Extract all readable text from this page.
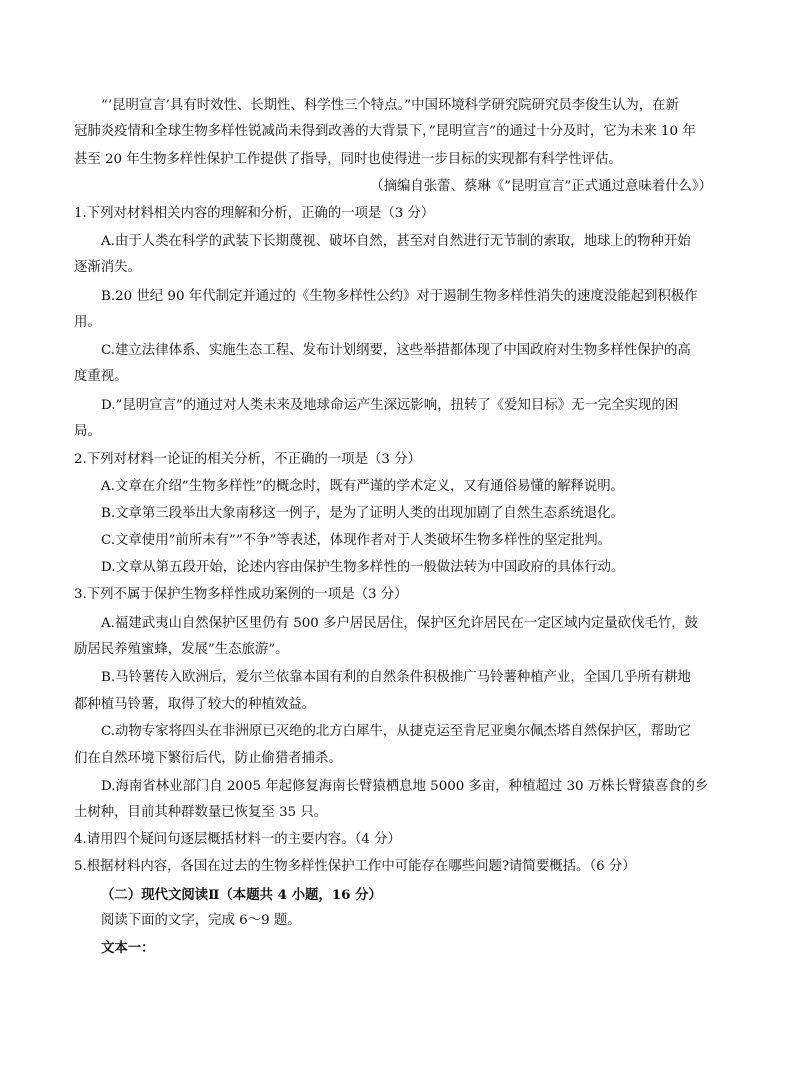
“’昆明宣言’具有时效性、长期性、科学性三个特点。”中国环境科学研究院研究员李俊生认为，在新
冠肺炎疫情和全球生物多样性锐减尚未得到改善的大背景下，”昆明宣言”的通过十分及时，它为未来 10 年
甚至 20 年生物多样性保护工作提供了指导，同时也使得进一步目标的实现都有科学性评估。
（摘编自张蕾、蔡琳《”昆明宣言”正式通过意味着什么》）
1.下列对材料相关内容的理解和分析，正确的一项是（3 分）
A.由于人类在科学的武装下长期蔑视、破坏自然，甚至对自然进行无节制的索取，地球上的物种开始
逐渐消失。
B.20 世纪 90 年代制定并通过的《生物多样性公约》对于遏制生物多样性消失的速度没能起到积极作
用。
C.建立法律体系、实施生态工程、发布计划纲要，这些举措都体现了中国政府对生物多样性保护的高
度重视。
D.”昆明宣言”的通过对人类未来及地球命运产生深远影响，扭转了《爱知目标》无一完全实现的困
局。
2.下列对材料一论证的相关分析，不正确的一项是（3 分）
A.文章在介绍”生物多样性”的概念时，既有严谨的学术定义，又有通俗易懂的解释说明。
B.文章第三段举出大象南移这一例子，是为了证明人类的出现加剧了自然生态系统退化。
C.文章使用”前所未有””不争”等表述，体现作者对于人类破坏生物多样性的坚定批判。
D.文章从第五段开始，论述内容由保护生物多样性的一般做法转为中国政府的具体行动。
3.下列不属于保护生物多样性成功案例的一项是（3 分）
A.福建武夷山自然保护区里仍有 500 多户居民居住，保护区允许居民在一定区域内定量砍伐毛竹，鼓
励居民养殖蜜蜂，发展”生态旅游”。
B.马铃薯传入欧洲后，爱尔兰依靠本国有利的自然条件积极推广马铃薯种植产业，全国几乎所有耕地
都种植马铃薯，取得了较大的种植效益。
C.动物专家将四头在非洲原已灭绝的北方白犀牛，从捷克运至肯尼亚奥尔佩杰塔自然保护区，帮助它
们在自然环境下繁衍后代，防止偷猎者捕杀。
D.海南省林业部门自 2005 年起修复海南长臂猿栖息地 5000 多亩，种植超过 30 万株长臂猿喜食的乡
土树种，目前其种群数量已恢复至 35 只。
4.请用四个疑问句逐层概括材料一的主要内容。（4 分）
5.根据材料内容，各国在过去的生物多样性保护工作中可能存在哪些问题?请简要概括。（6 分）
（二）现代文阅读Ⅱ（本题共 4 小题，16 分）
阅读下面的文字，完成 6～9 题。
文本一：
